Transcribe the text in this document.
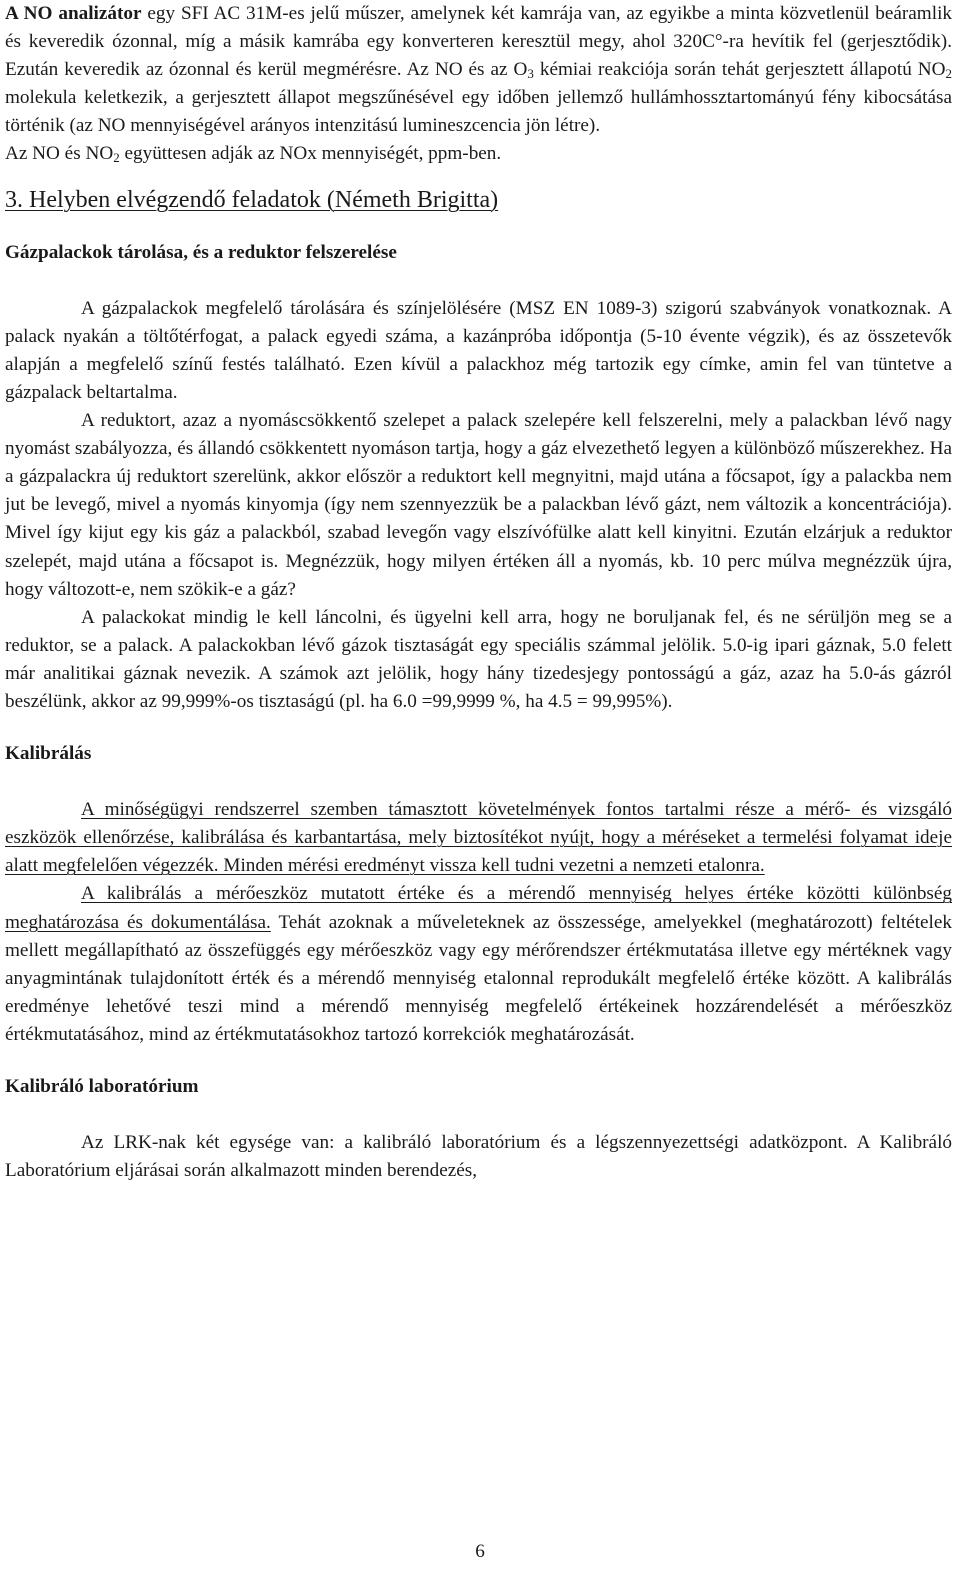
A NO analizátor egy SFI AC 31M-es jelű műszer, amelynek két kamrája van, az egyikbe a minta közvetlenül beáramlik és keveredik ózonnal, míg a másik kamrába egy konverteren keresztül megy, ahol 320C°-ra hevítik fel (gerjesztődik). Ezután keveredik az ózonnal és kerül megmérésre. Az NO és az $O_3$ kémiai reakciója során tehát gerjesztett állapotú $NO_2$ molekula keletkezik, a gerjesztett állapot megszűnésével egy időben jellemző hullámhossztartományú fény kibocsátása történik (az NO mennyiségével arányos intenzitású lumineszcencia jön létre).

Az NO és $NO_2$ együttesen adják az NOx mennyiségét, ppm-ben.

3. Helyben elvégzendő feladatok (Németh Brigitta)

Gázpalackok tárolása, és a reduktor felszerelése

A gázpalackok megfelelő tárolására és színjelölésére (MSZ EN 1089-3) szigorú szabványok vonatkoznak. A palack nyakán a töltőtérfogat, a palack egyedi száma, a kazánpróba időpontja (5-10 évente végzik), és az összetevők alapján a megfelelő színű festés található. Ezen kívül a palackhoz még tartozik egy címke, amin fel van tüntetve a gázpalack beltartalma.

A reduktort, azaz a nyomáscsökkentő szelepet a palack szelepére kell felszerelni, mely a palackban lévő nagy nyomást szabályozza, és állandó csökkentett nyomáson tartja, hogy a gáz elvezethető legyen a különböző műszerekhez. Ha a gázpalackra új reduktort szerelünk, akkor először a reduktort kell megnyitni, majd utána a főcsapot, így a palackba nem jut be levegő, mivel a nyomás kinyomja (így nem szennyezzük be a palackban lévő gázt, nem változik a koncentrációja). Mivel így kijut egy kis gáz a palackból, szabad levegőn vagy elszívófülke alatt kell kinyitni. Ezután elzárjuk a reduktor szelepét, majd utána a főcsapot is. Megnézzük, hogy milyen értéken áll a nyomás, kb. 10 perc múlva megnézzük újra, hogy változott-e, nem szökik-e a gáz?

A palackokat mindig le kell láncolni, és ügyelni kell arra, hogy ne boruljanak fel, és ne sérüljön meg se a reduktor, se a palack. A palackokban lévő gázok tisztaságát egy speciális számmal jelölik. 5.0-ig ipari gáznak, 5.0 felett már analitikai gáznak nevezik. A számok azt jelölik, hogy hány tizedesjegy pontosságú a gáz, azaz ha 5.0-ás gázról beszélünk, akkor az 99,999%-os tisztaságú (pl. ha 6.0 =99,9999 %, ha 4.5 = 99,995%).

Kalibrálás

A minőségügyi rendszerrel szemben támasztott követelmények fontos tartalmi része a mérő- és vizsgáló eszközök ellenőrzése, kalibrálása és karbantartása, mely biztosítékot nyújt, hogy a méréseket a termelési folyamat ideje alatt megfelelően végezzék. Minden mérési eredményt vissza kell tudni vezetni a nemzeti etalonra.

A kalibrálás a mérőeszköz mutatott értéke és a mérendő mennyiség helyes értéke közötti különbség meghatározása és dokumentálása. Tehát azoknak a műveleteknek az összessége, amelyekkel (meghatározott) feltételek mellett megállapítható az összefüggés egy mérőeszköz vagy egy mérőrendszer értékmutatása illetve egy mértéknek vagy anyagmintának tulajdonított érték és a mérendő mennyiség etalonnal reprodukált megfelelő értéke között. A kalibrálás eredménye lehetővé teszi mind a mérendő mennyiség megfelelő értékeinek hozzárendelését a mérőeszköz értékmutatásához, mind az értékmutatásokhoz tartozó korrekciók meghatározását.

Kalibráló laboratórium

Az LRK-nak két egysége van: a kalibráló laboratórium és a légszennyezettségi adatközpont. A Kalibráló Laboratórium eljárásai során alkalmazott minden berendezés,

6
